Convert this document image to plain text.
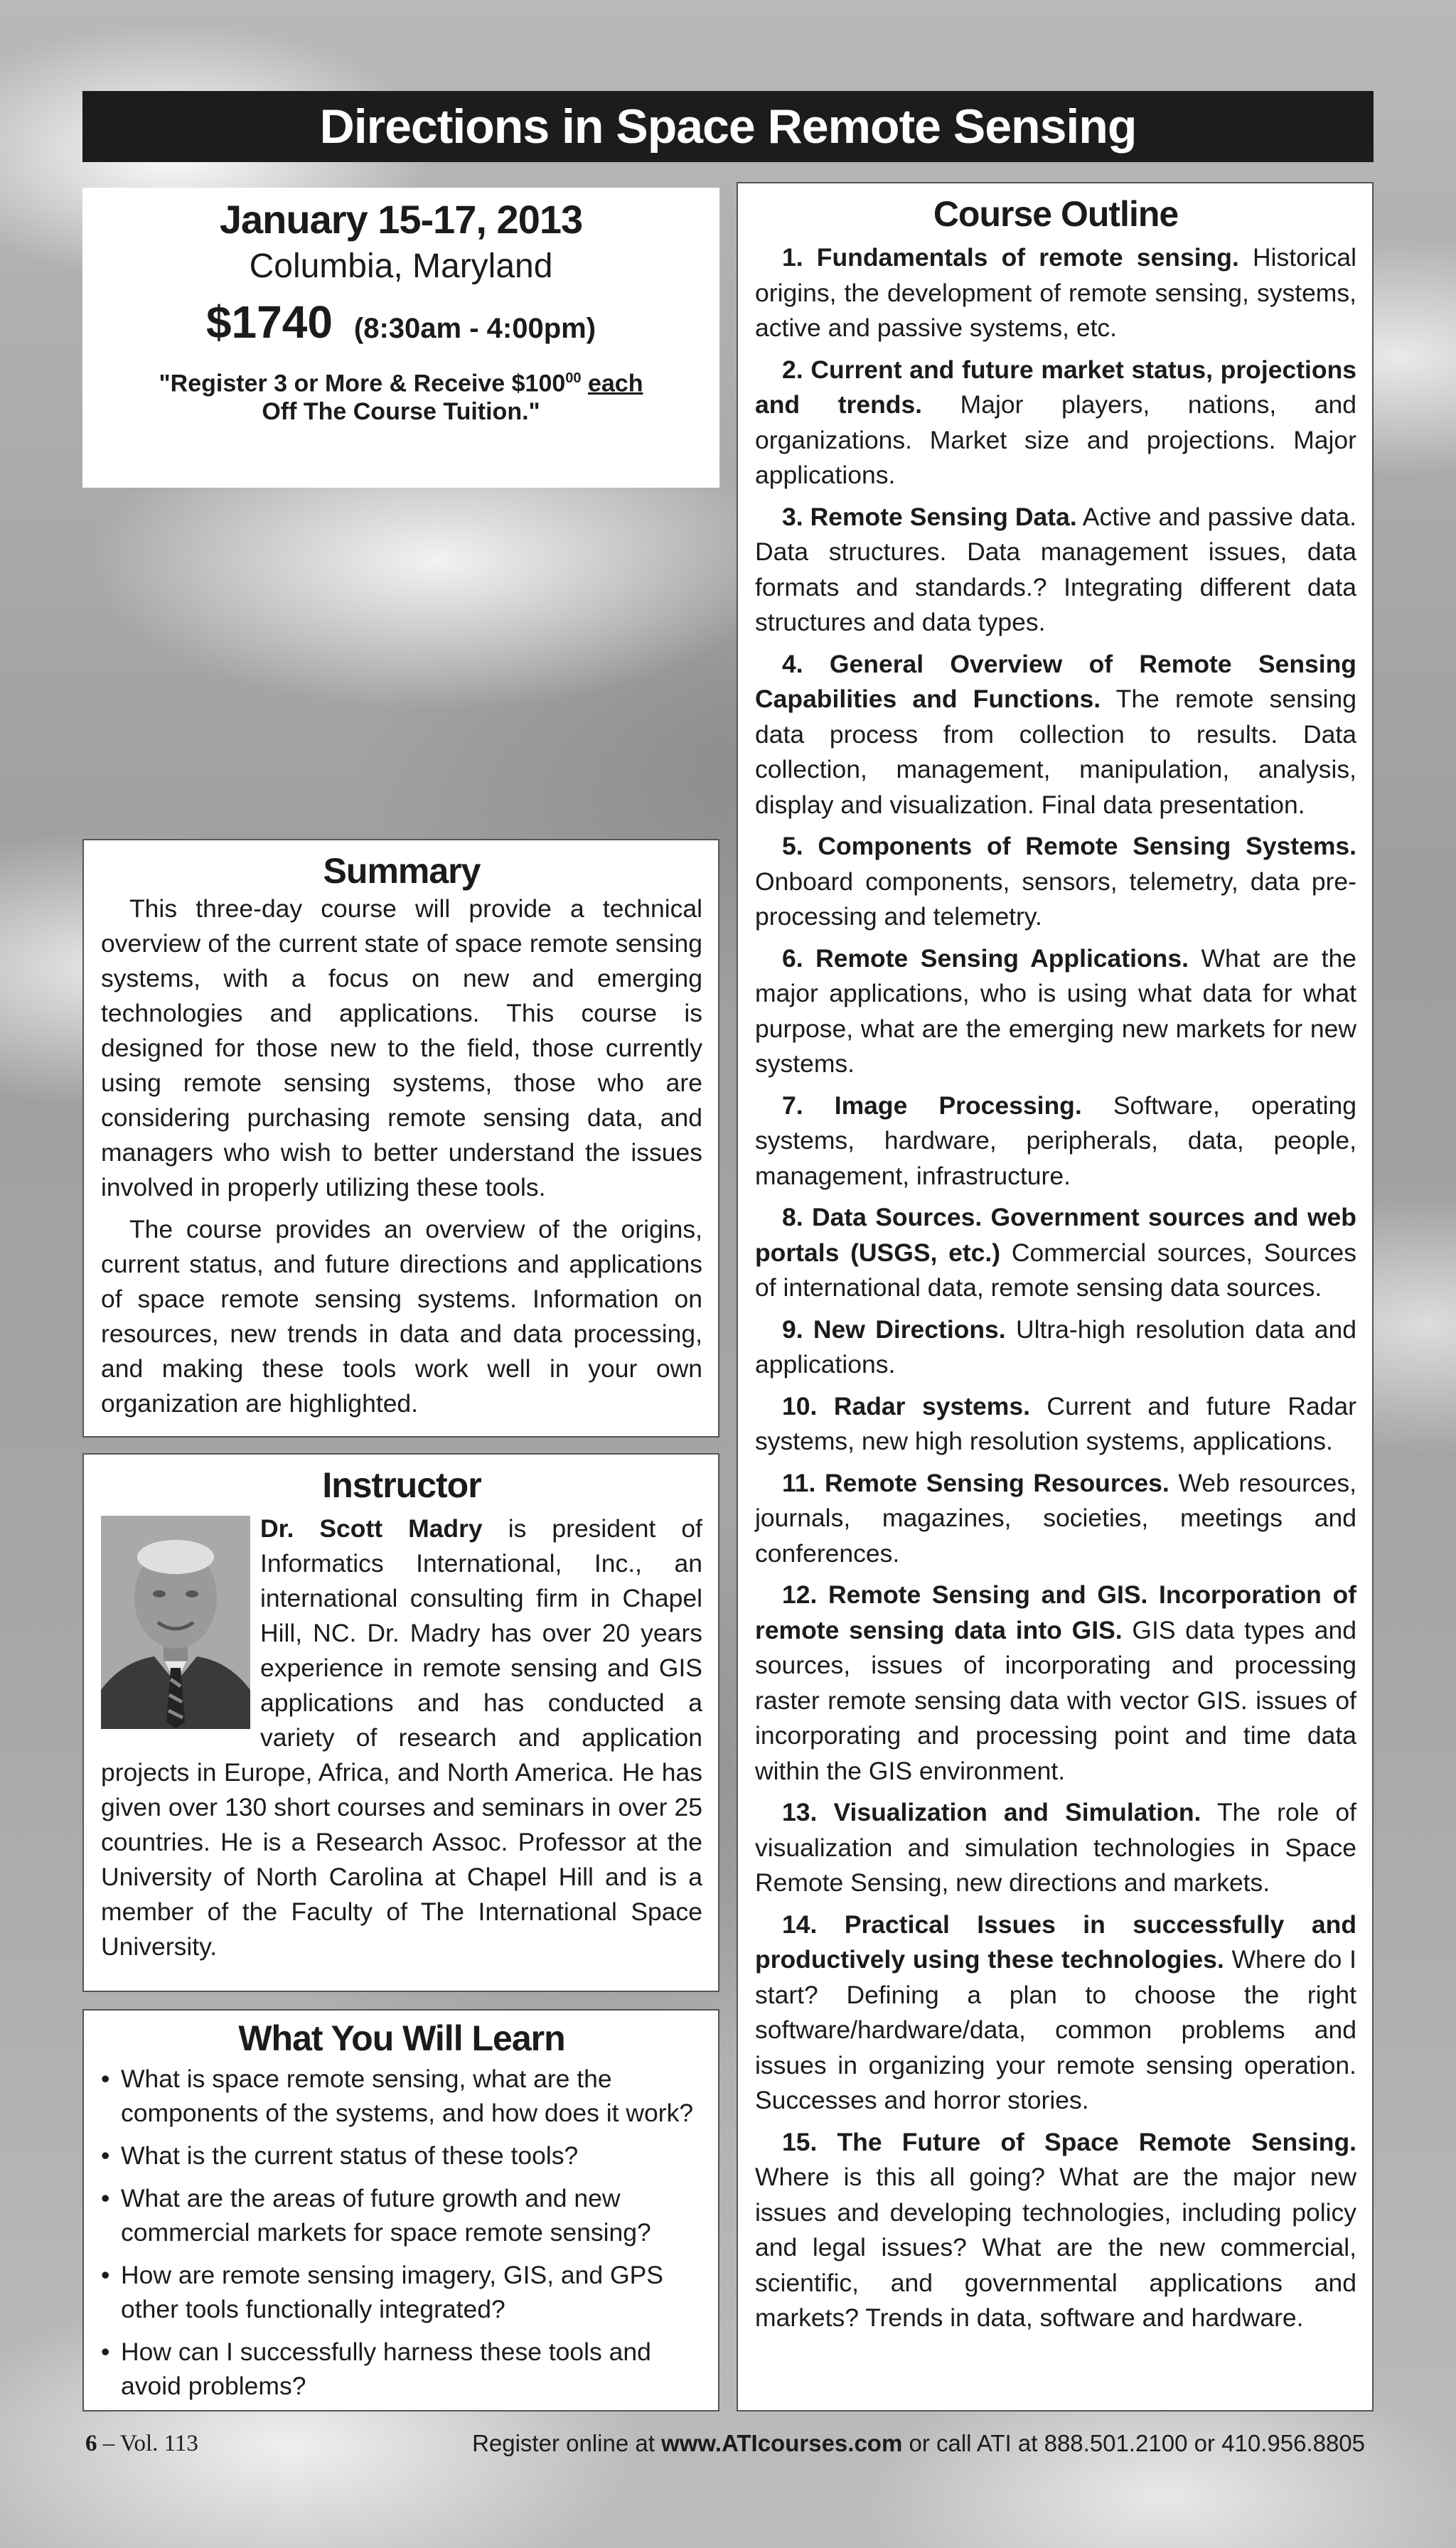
Directions in Space Remote Sensing
January 15-17, 2013
Columbia, Maryland
$1740 (8:30am - 4:00pm)
"Register 3 or More & Receive $\$100^{00}$ each
Off The Course Tuition."
Summary

This three-day course will provide a technical overview of the current state of space remote sensing systems, with a focus on new and emerging technologies and applications. This course is designed for those new to the field, those currently using remote sensing systems, those who are considering purchasing remote sensing data, and managers who wish to better understand the issues involved in properly utilizing these tools.

The course provides an overview of the origins, current status, and future directions and applications of space remote sensing systems. Information on resources, new trends in data and data processing, and making these tools work well in your own organization are highlighted.

Instructor
Dr. Scott Madry
is president of Informatics International, Inc., an international consulting firm in Chapel Hill, NC. Dr. Madry has over 20 years experience in remote sensing and GIS applications and has conducted a variety of research and application projects in Europe, Africa, and North America. He has given over 130 short courses and seminars in over 25 countries. He is a Research Assoc. Professor at the University of North Carolina at Chapel Hill and is a member of the Faculty of The International Space University.
What You Will Learn
• What is space remote sensing, what are the components of the systems, and how does it work?
• What is the current status of these tools?
• What are the areas of future growth and new commercial markets for space remote sensing?
• How are remote sensing imagery, GIS, and GPS other tools functionally integrated?
• How can I successfully harness these tools and avoid problems?
Course Outline

1. Fundamentals of remote sensing. Historical origins, the development of remote sensing, systems, active and passive systems, etc.

2. Current and future market status, projections and trends. Major players, nations, and organizations. Market size and projections. Major applications.

3. Remote Sensing Data. Active and passive data. Data structures. Data management issues, data formats and standards.? Integrating different data structures and data types.

4. General Overview of Remote Sensing Capabilities and Functions. The remote sensing data process from collection to results. Data collection, management, manipulation, analysis, display and visualization. Final data presentation.

5. Components of Remote Sensing Systems. Onboard components, sensors, telemetry, data pre-processing and telemetry.

6. Remote Sensing Applications. What are the major applications, who is using what data for what purpose, what are the emerging new markets for new systems.

7. Image Processing. Software, operating systems, hardware, peripherals, data, people, management, infrastructure.

8. Data Sources. Government sources and web portals (USGS, etc.) Commercial sources, Sources of international data, remote sensing data sources.

9. New Directions. Ultra-high resolution data and applications.

10. Radar systems. Current and future Radar systems, new high resolution systems, applications.

11. Remote Sensing Resources. Web resources, journals, magazines, societies, meetings and conferences.

12. Remote Sensing and GIS. Incorporation of remote sensing data into GIS. GIS data types and sources, issues of incorporating and processing raster remote sensing data with vector GIS. issues of incorporating and processing point and time data within the GIS environment.

13. Visualization and Simulation. The role of visualization and simulation technologies in Space Remote Sensing, new directions and markets.

14. Practical Issues in successfully and productively using these technologies. Where do I start? Defining a plan to choose the right software/hardware/data, common problems and issues in organizing your remote sensing operation. Successes and horror stories.

15. The Future of Space Remote Sensing. Where is this all going? What are the major new issues and developing technologies, including policy and legal issues? What are the new commercial, scientific, and governmental applications and markets? Trends in data, software and hardware.

6 – Vol. 113	Register online at www.ATIcourses.com or call ATI at 888.501.2100 or 410.956.8805
